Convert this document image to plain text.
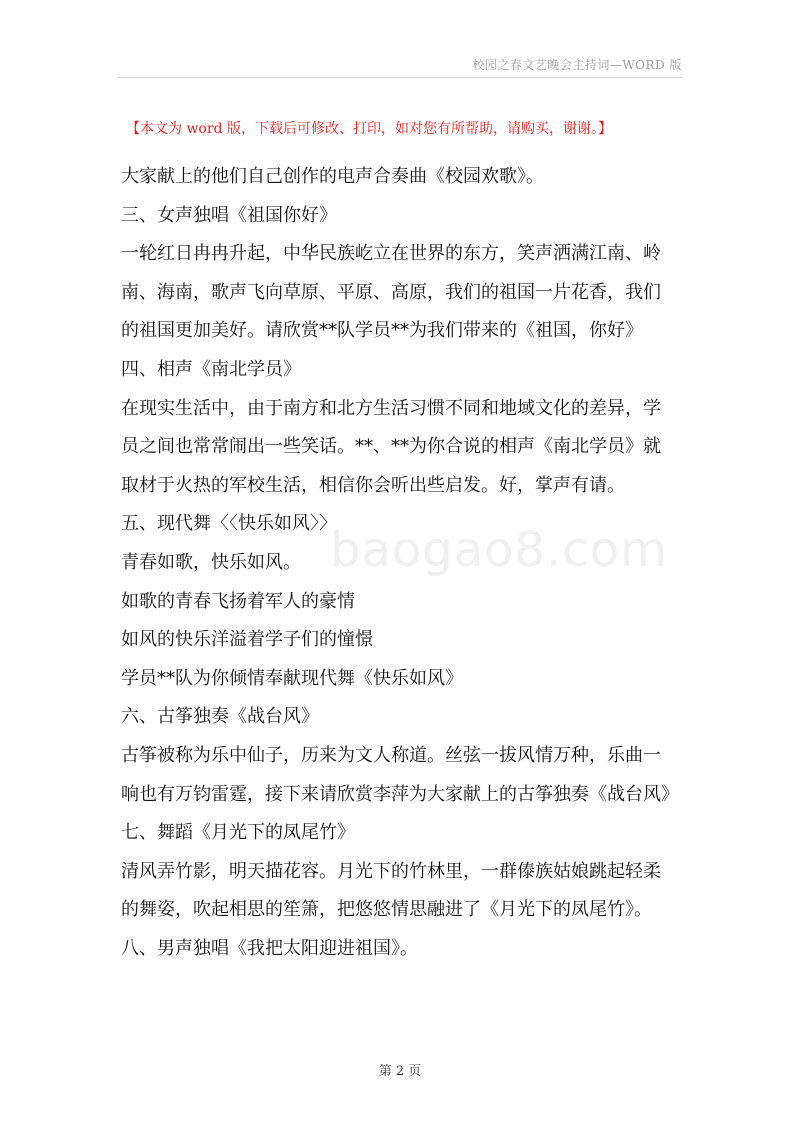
校园之春文艺晚会主持词—WORD 版
【本文为 word 版，下载后可修改、打印，如对您有所帮助，请购买，谢谢。】
baogao8.com
大家献上的他们自己创作的电声合奏曲《校园欢歌》。
三、女声独唱《祖国你好》
一轮红日冉冉升起，中华民族屹立在世界的东方，笑声洒满江南、岭
南、海南，歌声飞向草原、平原、高原，我们的祖国一片花香，我们
的祖国更加美好。请欣赏**队学员**为我们带来的《祖国，你好》
四、相声《南北学员》
在现实生活中，由于南方和北方生活习惯不同和地域文化的差异，学
员之间也常常闹出一些笑话。**、**为你合说的相声《南北学员》就
取材于火热的军校生活，相信你会听出些启发。好，掌声有请。
五、现代舞〈〈快乐如风〉〉
青春如歌，快乐如风。
如歌的青春飞扬着军人的豪情
如风的快乐洋溢着学子们的憧憬
学员**队为你倾情奉献现代舞《快乐如风》
六、古筝独奏《战台风》
古筝被称为乐中仙子，历来为文人称道。丝弦一拔风情万种，乐曲一
响也有万钧雷霆，接下来请欣赏李萍为大家献上的古筝独奏《战台风》
七、舞蹈《月光下的凤尾竹》
清风弄竹影，明天描花容。月光下的竹林里，一群傣族姑娘跳起轻柔
的舞姿，吹起相思的笙箫，把悠悠情思融进了《月光下的凤尾竹》。
八、男声独唱《我把太阳迎进祖国》。
第 2 页
